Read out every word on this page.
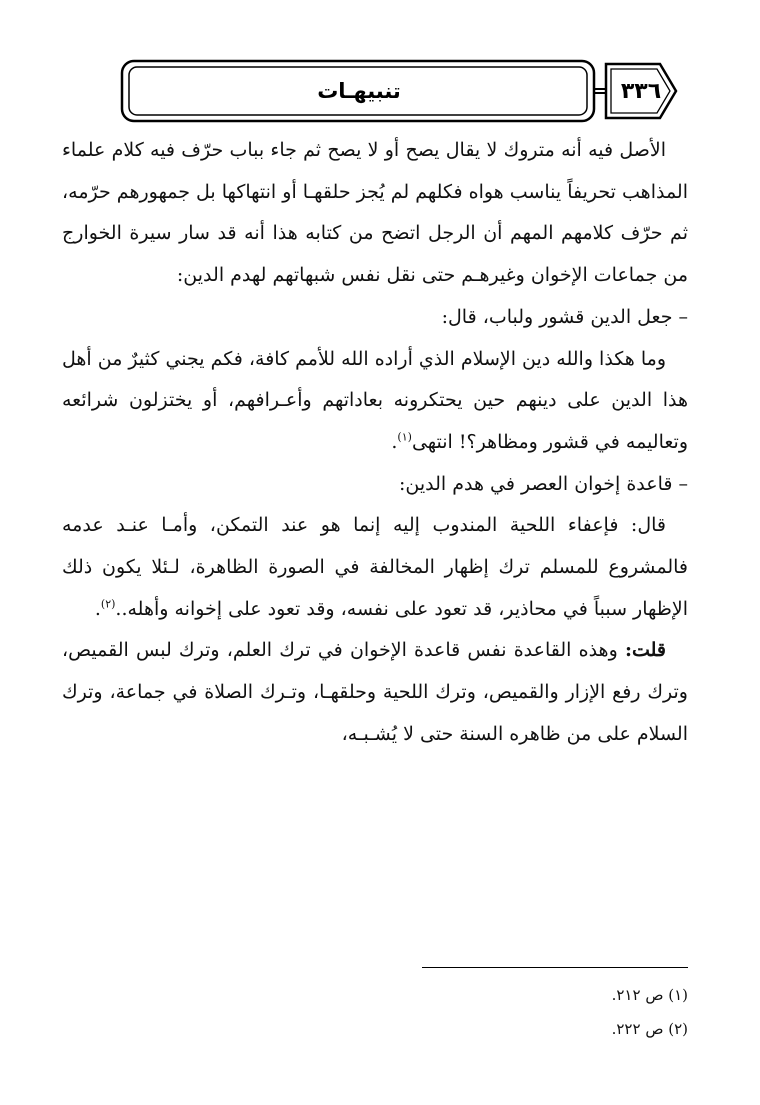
تنبيهـات	٣٣٦

الأصل فيه أنه متروك لا يقال يصح أو لا يصح ثم جاء بباب حرّف فيه كلام علماء المذاهب تحريفاً يناسب هواه فكلهم لم يُجز حلقهـا أو انتهاكها بل جمهورهم حرّمه، ثم حرّف كلامهم المهم أن الرجل اتضح من كتابه هذا أنه قد سار سيرة الخوارج من جماعات الإخوان وغيرهـم حتى نقل نفس شبهاتهم لهدم الدين:

– جعل الدين قشور ولباب، قال:

وما هكذا والله دين الإسلام الذي أراده الله للأمم كافة، فكم يجني كثيرٌ من أهل هذا الدين على دينهم حين يحتكرونه بعاداتهم وأعـرافهم، أو يختزلون شرائعه وتعاليمه في قشور ومظاهر؟! انتهى$^{(١)}$.

– قاعدة إخوان العصر في هدم الدين:

قال: فإعفاء اللحية المندوب إليه إنما هو عند التمكن، وأمـا عنـد عدمه فالمشروع للمسلم ترك إظهار المخالفة في الصورة الظاهرة، لـئلا يكون ذلك الإظهار سبباً في محاذير، قد تعود على نفسه، وقد تعود على إخوانه وأهله..$^{(٢)}$.

قلت: وهذه القاعدة نفس قاعدة الإخوان في ترك العلم، وترك لبس القميص، وترك رفع الإزار والقميص، وترك اللحية وحلقهـا، وتـرك الصلاة في جماعة، وترك السلام على من ظاهره السنة حتى لا يُشـبـه،

(١) ص ٢١٢.

(٢) ص ٢٢٢.
